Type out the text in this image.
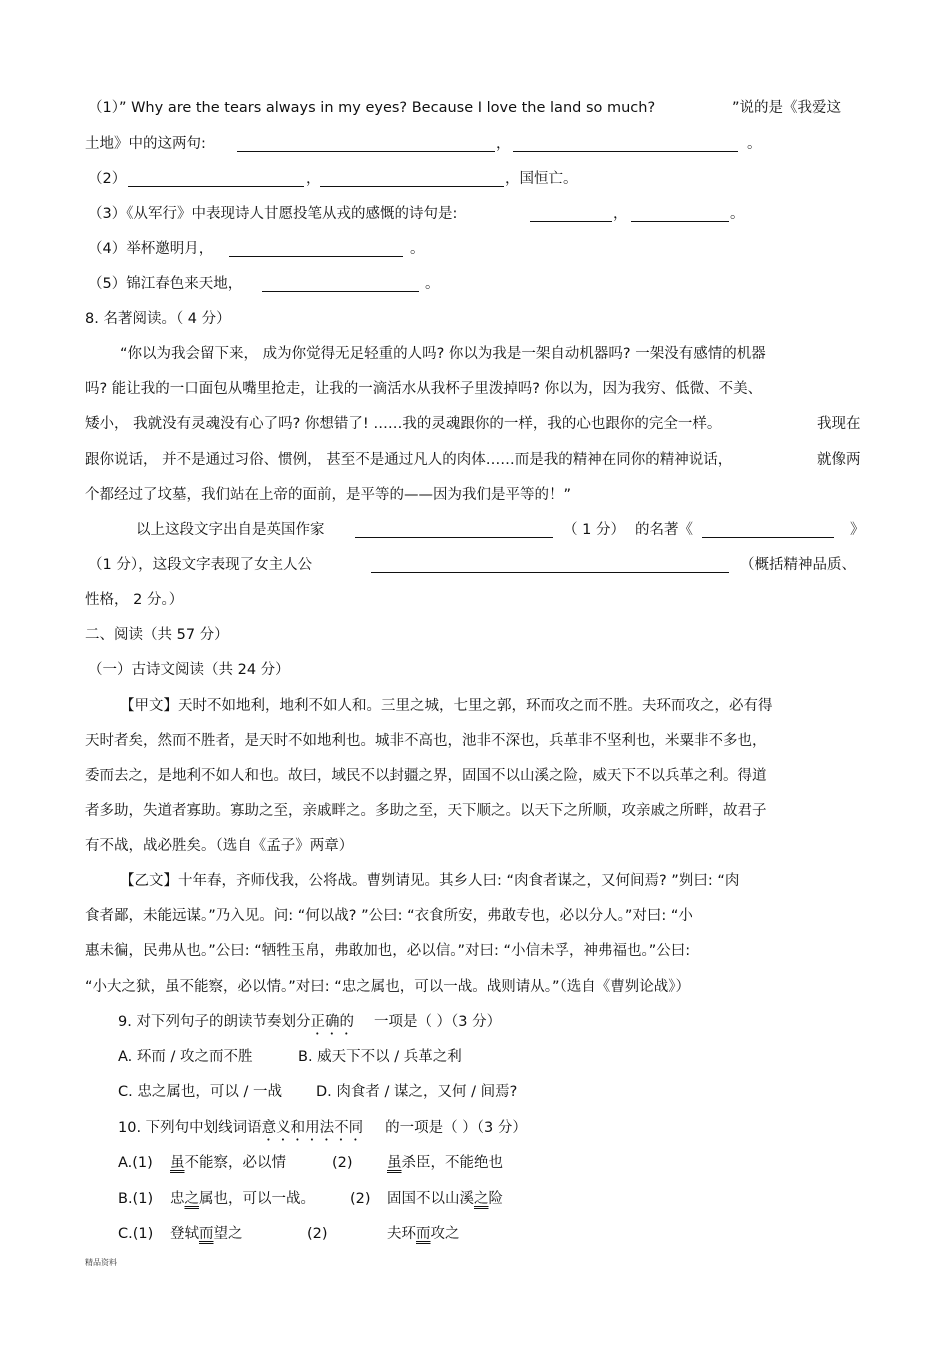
（1）” Why are the tears always in my eyes? Because I love the land so much?	”说的是《我爱这
土地》中的这两句:	，	。
（2）	，	，国恒亡。
（3）《从军行》中表现诗人甘愿投笔从戎的感慨的诗句是:	，	。
（4）举杯邀明月，	。
（5）锦江春色来天地，	。
8. 名著阅读。（ 4 分）
“你以为我会留下来， 成为你觉得无足轻重的人吗? 你以为我是一架自动机器吗? 一架没有感情的机器
吗? 能让我的一口面包从嘴里抢走，让我的一滴活水从我杯子里泼掉吗? 你以为，因为我穷、低微、不美、
矮小， 我就没有灵魂没有心了吗? 你想错了! ……我的灵魂跟你的一样，我的心也跟你的完全一样。	我现在
跟你说话， 并不是通过习俗、惯例， 甚至不是通过凡人的肉体……而是我的精神在同你的精神说话，	就像两
个都经过了坟墓，我们站在上帝的面前，是平等的——因为我们是平等的！”
以上这段文字出自是英国作家	（ 1 分） 的名著《	》
（1 分），这段文字表现了女主人公	（概括精神品质、
性格， 2 分。）
二、阅读（共 57 分）
（一）古诗文阅读（共 24 分）
【甲文】天时不如地利，地利不如人和。三里之城，七里之郭，环而攻之而不胜。夫环而攻之，必有得
天时者矣，然而不胜者，是天时不如地利也。城非不高也，池非不深也，兵革非不坚利也，米粟非不多也，
委而去之，是地利不如人和也。故曰，域民不以封疆之界，固国不以山溪之险，威天下不以兵革之利。得道
者多助，失道者寡助。寡助之至，亲戚畔之。多助之至，天下顺之。以天下之所顺，攻亲戚之所畔，故君子
有不战，战必胜矣。（选自《孟子》两章）
【乙文】十年春，齐师伐我，公将战。曹刿请见。其乡人曰: “肉食者谋之，又何间焉? ”刿曰: “肉
食者鄙，未能远谋。”乃入见。问: “何以战? ”公曰: “衣食所安，弗敢专也，必以分人。”对曰: “小
惠未徧，民弗从也。”公曰: “牺牲玉帛，弗敢加也，必以信。”对曰: “小信未孚，神弗福也。”公曰:
“小大之狱，虽不能察，必以情。”对曰: “忠之属也，可以一战。战则请从。”（选自《曹刿论战》）
9. 对下列句子的朗读节奏划分正确的 一项是（ ）（3 分）
A. 环而 / 攻之而不胜	B. 威天下不以 / 兵革之利
C. 忠之属也，可以 / 一战 D. 肉食者 / 谋之，又何 / 间焉?
10. 下列句中划线词语意义和用法不同 的一项是（ ）（3 分）
A.(1) 虽不能察，必以情	(2) 虽杀臣，不能绝也
B.(1) 忠之属也，可以一战。 (2) 固国不以山溪之险
C.(1) 登轼而望之	(2)	夫环而攻之
精品资料
